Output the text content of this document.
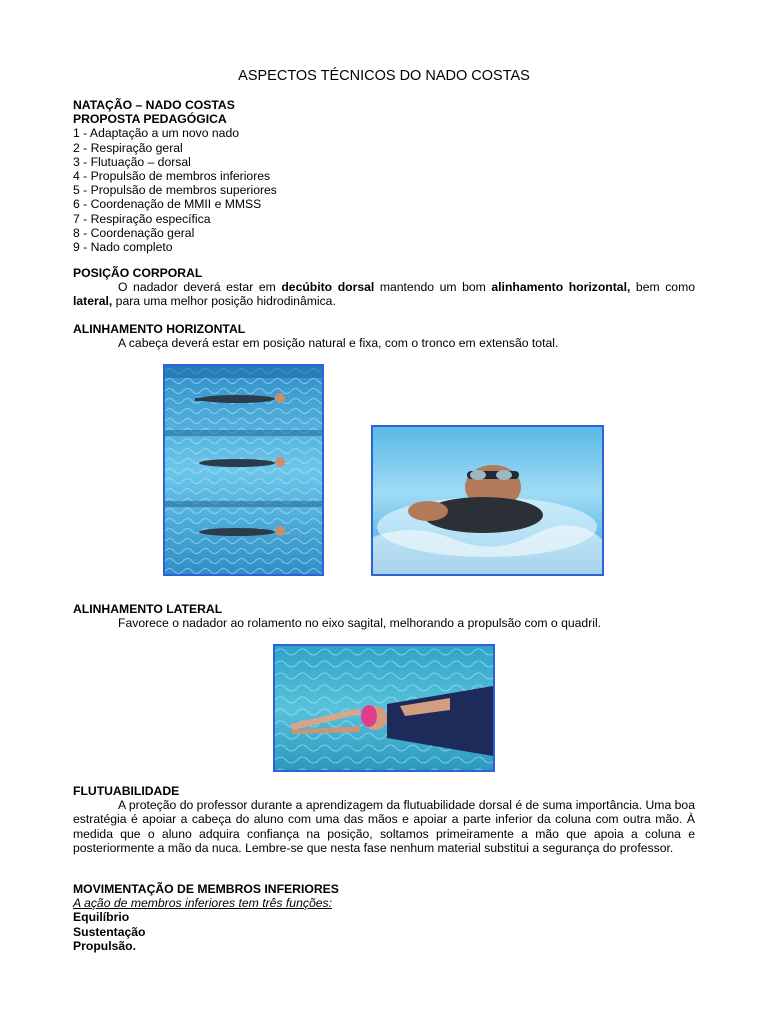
ASPECTOS TÉCNICOS DO NADO COSTAS
NATAÇÃO – NADO COSTAS
PROPOSTA PEDAGÓGICA
1 - Adaptação a um novo nado
2 - Respiração geral
3 - Flutuação – dorsal
4 - Propulsão de membros inferiores
5 - Propulsão de membros superiores
6 - Coordenação de MMII e MMSS
7 - Respiração específica
8 - Coordenação geral
9 - Nado completo
POSIÇÃO CORPORAL
O nadador deverá estar em decúbito dorsal mantendo um bom alinhamento horizontal, bem como lateral, para uma melhor posição hidrodinâmica.
ALINHAMENTO HORIZONTAL
A cabeça deverá estar em posição natural e fixa, com o tronco em extensão total.
ALINHAMENTO LATERAL
Favorece o nadador ao rolamento no eixo sagital, melhorando a propulsão com o quadril.
FLUTUABILIDADE
A proteção do professor durante a aprendizagem da flutuabilidade dorsal é de suma importância. Uma boa estratégia é apoiar a cabeça do aluno com uma das mãos e apoiar a parte inferior da coluna com outra mão. À medida que o aluno adquira confiança na posição, soltamos primeiramente a mão que apoia a coluna e posteriormente a mão da nuca. Lembre-se que nesta fase nenhum material substitui a segurança do professor.
MOVIMENTAÇÃO DE MEMBROS INFERIORES
A ação de membros inferiores tem três funções:
Equilíbrio
Sustentação
Propulsão.
